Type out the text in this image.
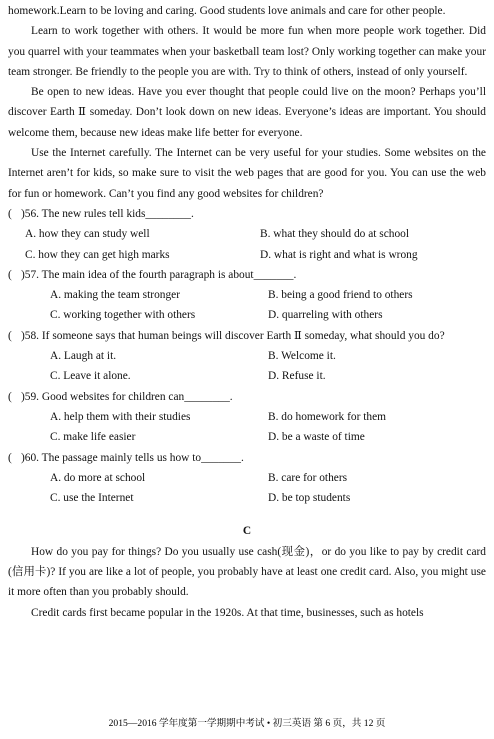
homework.Learn to be loving and caring. Good students love animals and care for other people.

Learn to work together with others. It would be more fun when more people work together. Did you quarrel with your teammates when your basketball team lost? Only working together can make your team stronger. Be friendly to the people you are with. Try to think of others, instead of only yourself.

Be open to new ideas. Have you ever thought that people could live on the moon? Perhaps you’ll discover Earth Ⅱ someday. Don’t look down on new ideas. Everyone’s ideas are important. You should welcome them, because new ideas make life better for everyone.

Use the Internet carefully. The Internet can be very useful for your studies. Some websites on the Internet aren’t for kids, so make sure to visit the web pages that are good for you. You can use the web for fun or homework. Can’t you find any good websites for children?

( )56. The new rules tell kids________.
A. how they can study well	B. what they should do at school
C. how they can get high marks	D. what is right and what is wrong
( )57. The main idea of the fourth paragraph is about_______.
A. making the team stronger	B. being a good friend to others
C. working together with others	D. quarreling with others
( )58. If someone says that human beings will discover Earth Ⅱ someday, what should you do?
A. Laugh at it.	B. Welcome it.
C. Leave it alone.	D. Refuse it.
( )59. Good websites for children can________.
A. help them with their studies	B. do homework for them
C. make life easier	D. be a waste of time
( )60. The passage mainly tells us how to_______.
A. do more at school	B. care for others
C. use the Internet	D. be top students

C

How do you pay for things? Do you usually use cash(现金)，or do you like to pay by credit card (信用卡)? If you are like a lot of people, you probably have at least one credit card. Also, you might use it more often than you probably should.

Credit cards first became popular in the 1920s. At that time, businesses, such as hotels

2015—2016 学年度第一学期期中考试 • 初三英语 第 6 页，共 12 页
